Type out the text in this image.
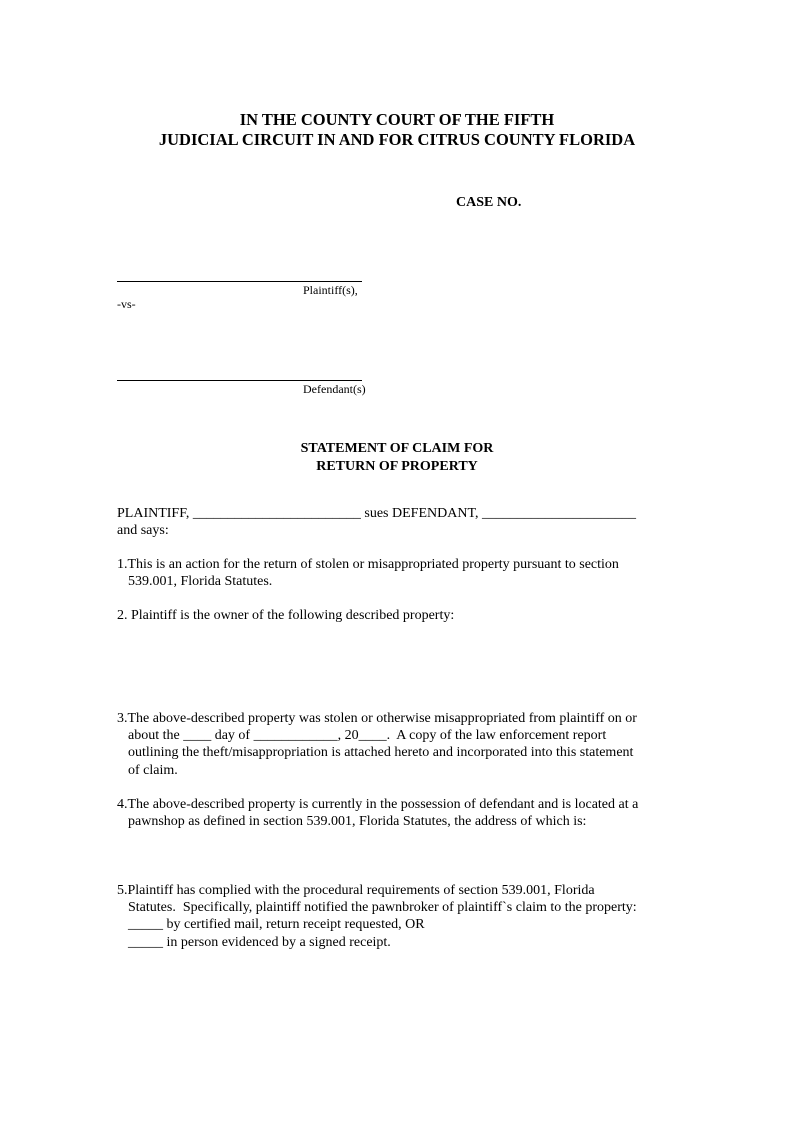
IN THE COUNTY COURT OF THE FIFTH
JUDICIAL CIRCUIT IN AND FOR CITRUS COUNTY FLORIDA
CASE NO.
Plaintiff(s),
-vs-
Defendant(s)
STATEMENT OF CLAIM FOR
RETURN OF PROPERTY
PLAINTIFF, ________________________ sues DEFENDANT, ______________________
and says:
1.This is an action for the return of stolen or misappropriated property pursuant to section
539.001, Florida Statutes.
2. Plaintiff is the owner of the following described property:
3.The above-described property was stolen or otherwise misappropriated from plaintiff on or
about the ____ day of ____________, 20____.  A copy of the law enforcement report
outlining the theft/misappropriation is attached hereto and incorporated into this statement
of claim.
4.The above-described property is currently in the possession of defendant and is located at a
pawnshop as defined in section 539.001, Florida Statutes, the address of which is:
5.Plaintiff has complied with the procedural requirements of section 539.001, Florida
Statutes.  Specifically, plaintiff notified the pawnbroker of plaintiff`s claim to the property:
_____ by certified mail, return receipt requested, OR
_____ in person evidenced by a signed receipt.
